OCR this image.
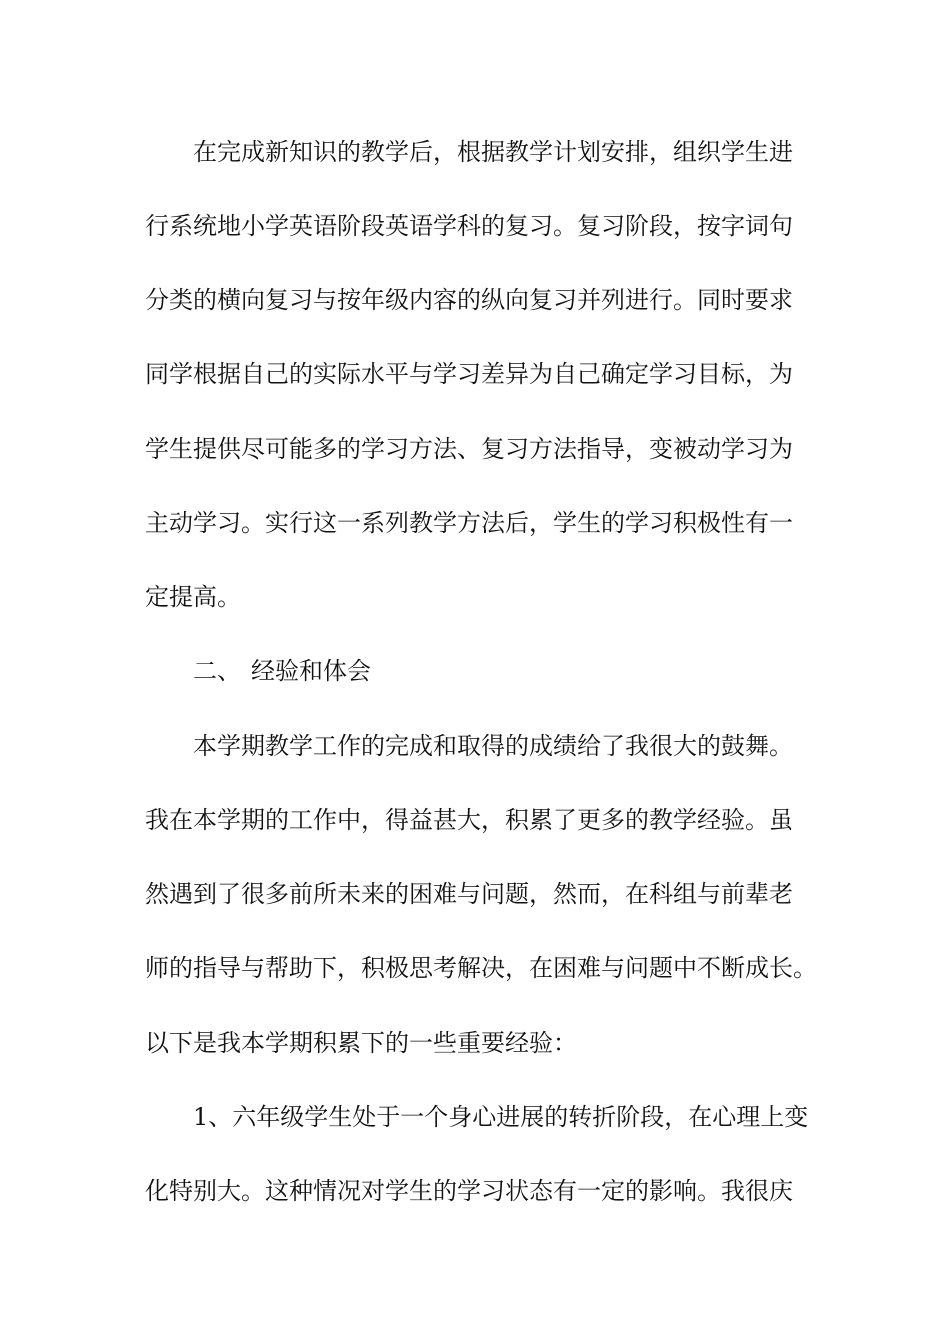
在完成新知识的教学后，根据教学计划安排，组织学生进
行系统地小学英语阶段英语学科的复习。复习阶段，按字词句
分类的横向复习与按年级内容的纵向复习并列进行。同时要求
同学根据自己的实际水平与学习差异为自己确定学习目标，为
学生提供尽可能多的学习方法、复习方法指导，变被动学习为
主动学习。实行这一系列教学方法后，学生的学习积极性有一
定提高。
二、 经验和体会
本学期教学工作的完成和取得的成绩给了我很大的鼓舞。
我在本学期的工作中，得益甚大，积累了更多的教学经验。虽
然遇到了很多前所未来的困难与问题，然而，在科组与前辈老
师的指导与帮助下，积极思考解决，在困难与问题中不断成长。
以下是我本学期积累下的一些重要经验：
1、六年级学生处于一个身心进展的转折阶段，在心理上变
化特别大。这种情况对学生的学习状态有一定的影响。我很庆
